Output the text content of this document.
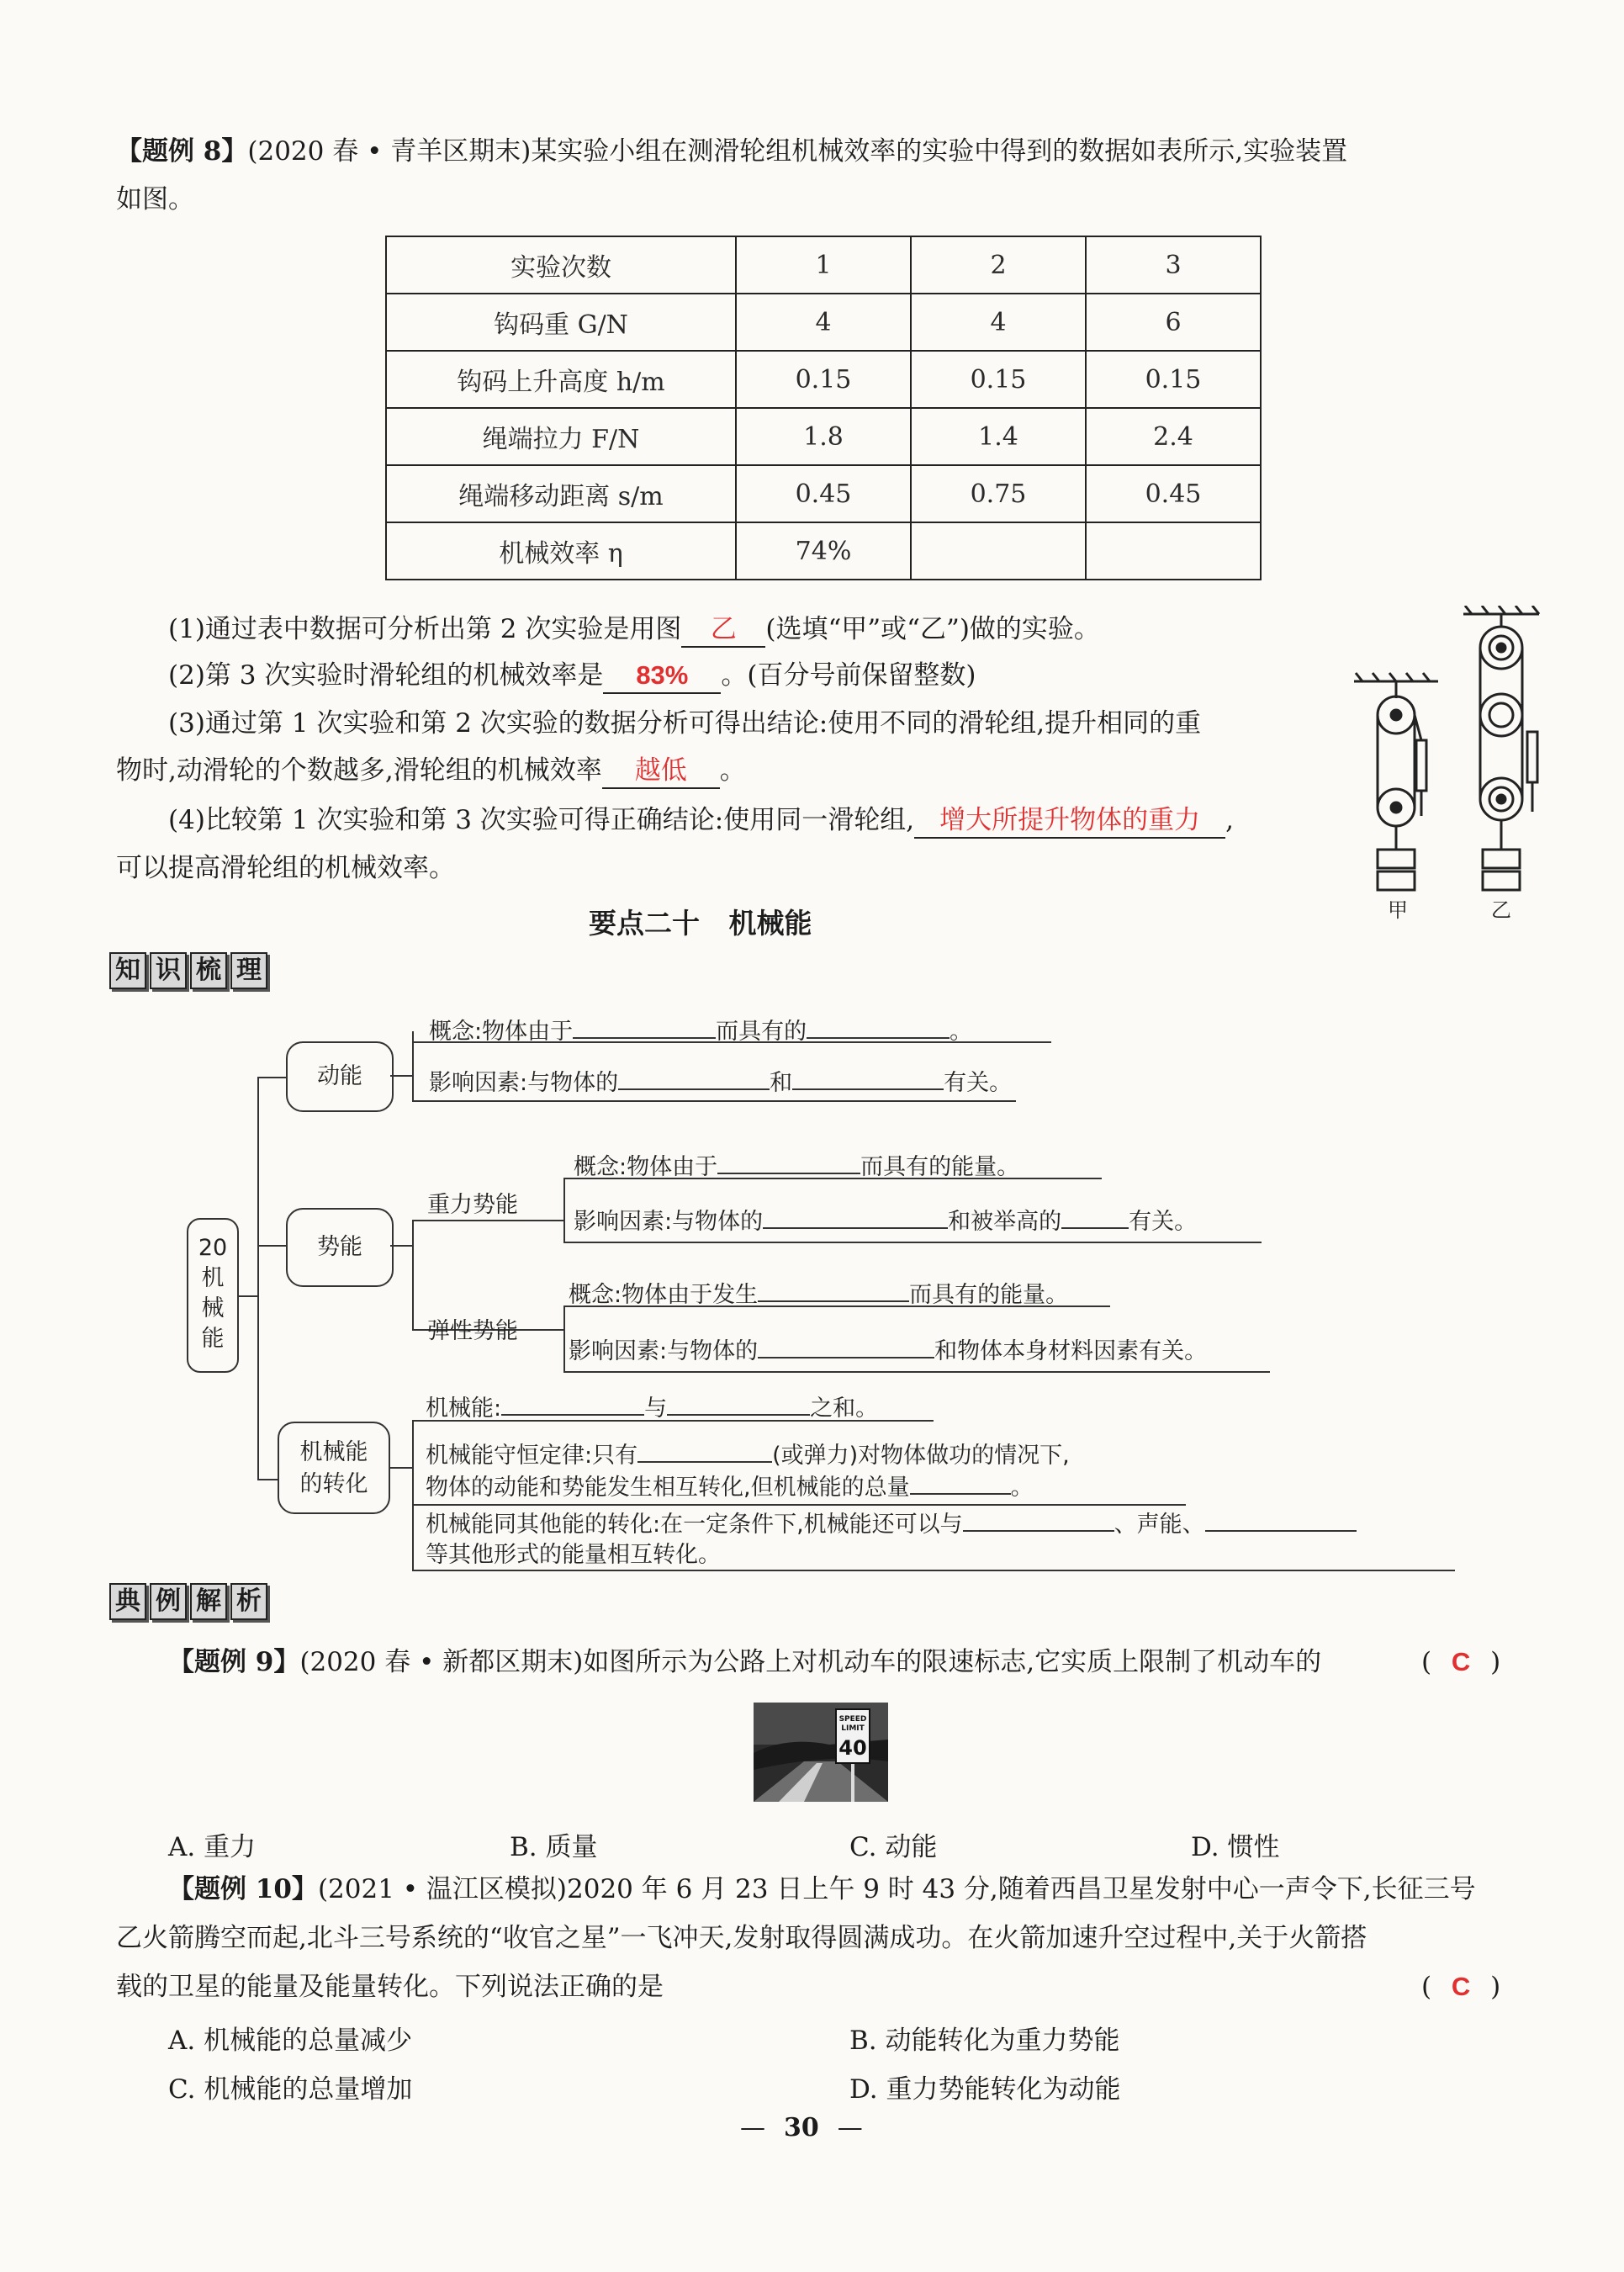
【题例 8】(2020 春 • 青羊区期末)某实验小组在测滑轮组机械效率的实验中得到的数据如表所示,实验装置
如图。
实验次数	1	2	3
钩码重 G/N	4	4	6
钩码上升高度 h/m	0.15	0.15	0.15
绳端拉力 F/N	1.8	1.4	2.4
绳端移动距离 s/m	0.45	0.75	0.45
机械效率 η	74%		
(1)通过表中数据可分析出第 2 次实验是用图 乙 (选填“甲”或“乙”)做的实验。
(2)第 3 次实验时滑轮组的机械效率是 83% 。(百分号前保留整数)
(3)通过第 1 次实验和第 2 次实验的数据分析可得出结论:使用不同的滑轮组,提升相同的重
物时,动滑轮的个数越多,滑轮组的机械效率 越低 。
(4)比较第 1 次实验和第 3 次实验可得正确结论:使用同一滑轮组, 增大所提升物体的重力 ,
可以提高滑轮组的机械效率。
甲	乙
要点二十   机械能
知 识 梳 理
20
机
械
能
动能
概念:物体由于	而具有的	。
影响因素:与物体的	和	有关。
势能
重力势能
弹性势能
概念:物体由于	而具有的能量。
影响因素:与物体的	和被举高的	有关。
概念:物体由于发生	而具有的能量。
影响因素:与物体的	和物体本身材料因素有关。
机械能
的转化
机械能:	与	之和。
机械能守恒定律:只有	(或弹力)对物体做功的情况下,
物体的动能和势能发生相互转化,但机械能的总量	。
机械能同其他能的转化:在一定条件下,机械能还可以与	、声能、
等其他形式的能量相互转化。
典 例 解 析
【题例 9】(2020 春 • 新都区期末)如图所示为公路上对机动车的限速标志,它实质上限制了机动车的	( C )
SPEED
LIMIT
40
A. 重力	B. 质量	C. 动能	D. 惯性
【题例 10】(2021 • 温江区模拟)2020 年 6 月 23 日上午 9 时 43 分,随着西昌卫星发射中心一声令下,长征三号
乙火箭腾空而起,北斗三号系统的“收官之星”一飞冲天,发射取得圆满成功。在火箭加速升空过程中,关于火箭搭
载的卫星的能量及能量转化。下列说法正确的是	( C )
A. 机械能的总量减少	B. 动能转化为重力势能
C. 机械能的总量增加	D. 重力势能转化为动能
— 30 —
